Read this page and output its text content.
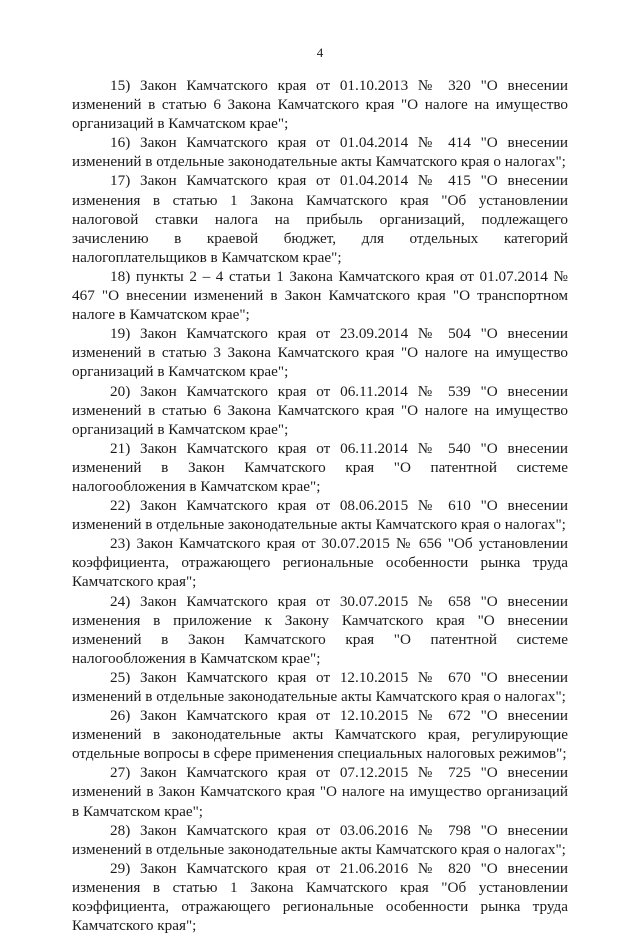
4

15) Закон Камчатского края от 01.10.2013 № 320 "О внесении изменений в статью 6 Закона Камчатского края "О налоге на имущество организаций в Камчатском крае";

16) Закон Камчатского края от 01.04.2014 № 414 "О внесении изменений в отдельные законодательные акты Камчатского края о налогах";

17) Закон Камчатского края от 01.04.2014 № 415 "О внесении изменения в статью 1 Закона Камчатского края "Об установлении налоговой ставки налога на прибыль организаций, подлежащего зачислению в краевой бюджет, для отдельных категорий налогоплательщиков в Камчатском крае";

18) пункты 2 – 4 статьи 1 Закона Камчатского края от 01.07.2014 № 467 "О внесении изменений в Закон Камчатского края "О транспортном налоге в Камчатском крае";

19) Закон Камчатского края от 23.09.2014 № 504 "О внесении изменений в статью 3 Закона Камчатского края "О налоге на имущество организаций в Камчатском крае";

20) Закон Камчатского края от 06.11.2014 № 539 "О внесении изменений в статью 6 Закона Камчатского края "О налоге на имущество организаций в Камчатском крае";

21) Закон Камчатского края от 06.11.2014 № 540 "О внесении изменений в Закон Камчатского края "О патентной системе налогообложения в Камчатском крае";

22) Закон Камчатского края от 08.06.2015 № 610 "О внесении изменений в отдельные законодательные акты Камчатского края о налогах";

23) Закон Камчатского края от 30.07.2015 № 656 "Об установлении коэффициента, отражающего региональные особенности рынка труда Камчатского края";

24) Закон Камчатского края от 30.07.2015 № 658 "О внесении изменения в приложение к Закону Камчатского края "О внесении изменений в Закон Камчатского края "О патентной системе налогообложения в Камчатском крае";

25) Закон Камчатского края от 12.10.2015 № 670 "О внесении изменений в отдельные законодательные акты Камчатского края о налогах";

26) Закон Камчатского края от 12.10.2015 № 672 "О внесении изменений в законодательные акты Камчатского края, регулирующие отдельные вопросы в сфере применения специальных налоговых режимов";

27) Закон Камчатского края от 07.12.2015 № 725 "О внесении изменений в Закон Камчатского края "О налоге на имущество организаций в Камчатском крае";

28) Закон Камчатского края от 03.06.2016 № 798 "О внесении изменений в отдельные законодательные акты Камчатского края о налогах";

29) Закон Камчатского края от 21.06.2016 № 820 "О внесении изменения в статью 1 Закона Камчатского края "Об установлении коэффициента, отражающего региональные особенности рынка труда Камчатского края";
